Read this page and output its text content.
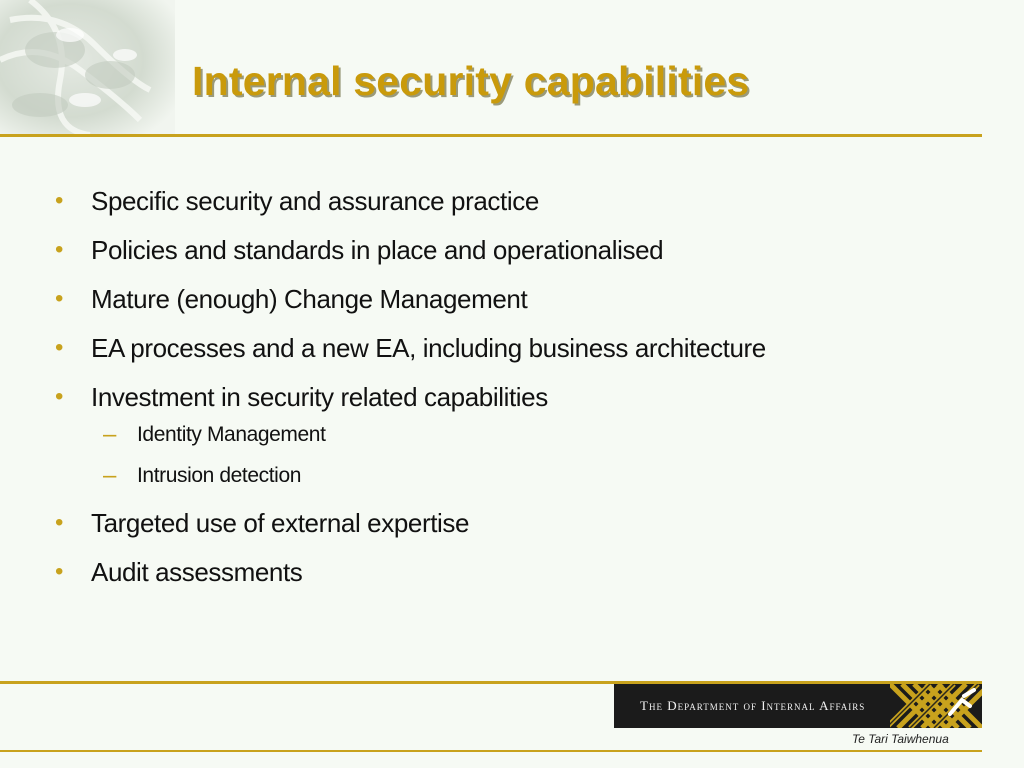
Internal security capabilities
• Specific security and assurance practice
• Policies and standards in place and operationalised
• Mature (enough) Change Management
• EA processes and a new EA, including business architecture
• Investment in security related capabilities
– Identity Management
– Intrusion detection
• Targeted use of external expertise
• Audit assessments
The Department of Internal Affairs
Te Tari Taiwhenua
